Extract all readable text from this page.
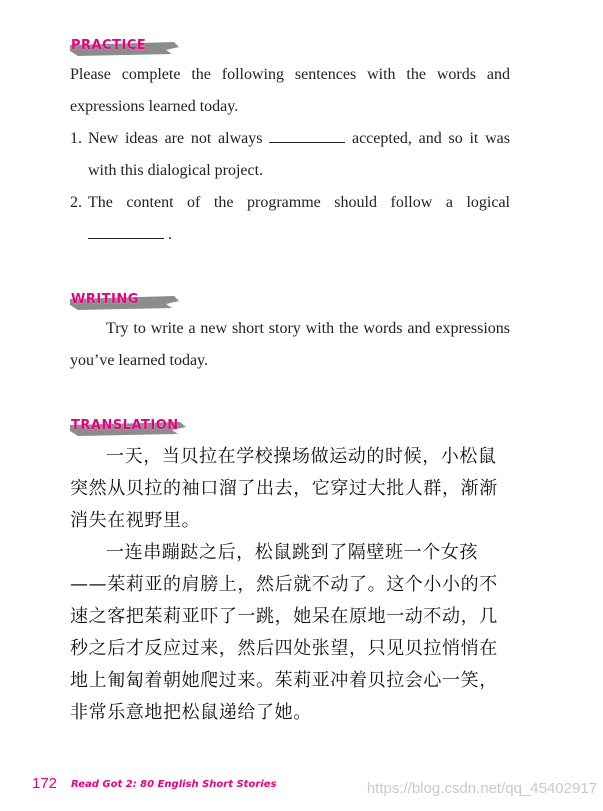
PRACTICE
Please complete the following sentences with the words and expressions learned today.
1. New ideas are not always	accepted, and so it was with this dialogical project.
2. The content of the programme should follow a logical  .
WRITING
Try to write a new short story with the words and expressions you’ve learned today.
TRANSLATION
一天，当贝拉在学校操场做运动的时候，小松鼠突然从贝拉的袖口溜了出去，它穿过大批人群，渐渐消失在视野里。
一连串蹦跶之后，松鼠跳到了隔壁班一个女孩——茱莉亚的肩膀上，然后就不动了。这个小小的不速之客把茱莉亚吓了一跳，她呆在原地一动不动，几秒之后才反应过来，然后四处张望，只见贝拉悄悄在地上匍匐着朝她爬过来。茱莉亚冲着贝拉会心一笑，非常乐意地把松鼠递给了她。
172 Read Got 2: 80 English Short Stories	https://blog.csdn.net/qq_45402917
